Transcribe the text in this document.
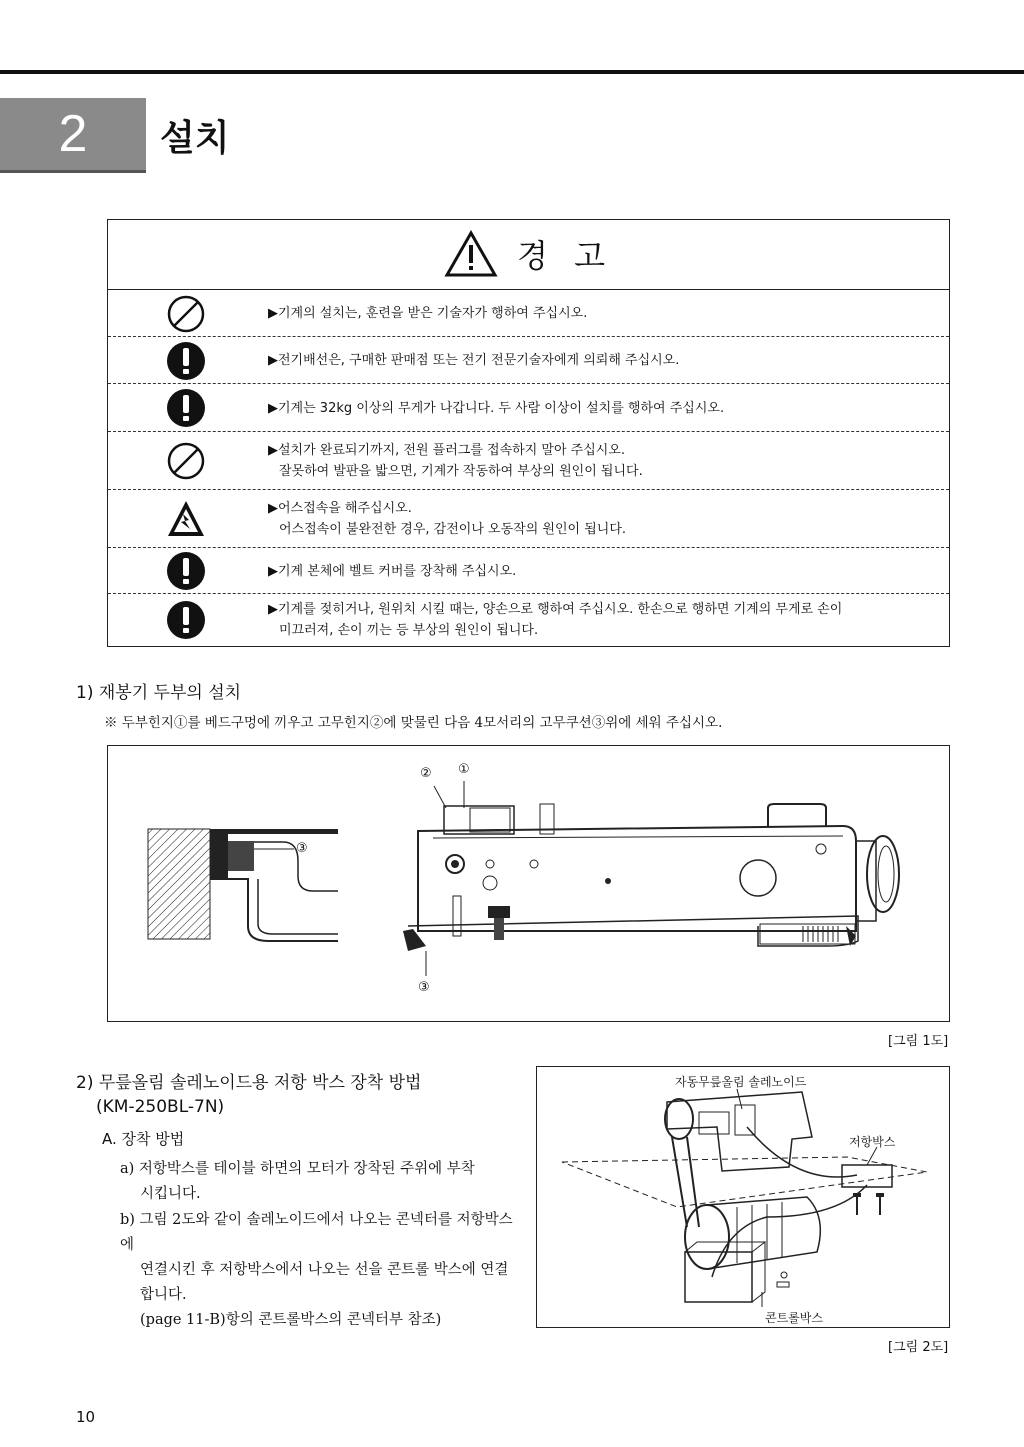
2	설치
경 고

▶기계의 설치는, 훈련을 받은 기술자가 행하여 주십시오.

▶전기배선은, 구매한 판매점 또는 전기 전문기술자에게 의뢰해 주십시오.

▶기계는 32kg 이상의 무게가 나갑니다. 두 사람 이상이 설치를 행하여 주십시오.

▶설치가 완료되기까지, 전원 플러그를 접속하지 말아 주십시오.

잘못하여 발판을 밟으면, 기계가 작동하여 부상의 원인이 됩니다.

▶어스접속을 해주십시오.

어스접속이 불완전한 경우, 감전이나 오동작의 원인이 됩니다.

▶기계 본체에 벨트 커버를 장착해 주십시오.

▶기계를 젖히거나, 원위치 시킬 때는, 양손으로 행하여 주십시오. 한손으로 행하면 기계의 무게로 손이

미끄러져, 손이 끼는 등 부상의 원인이 됩니다.

1) 재봉기 두부의 설치
※ 두부힌지①를 베드구멍에 끼우고 고무힌지②에 맞물린 다음 4모서리의 고무쿠션③위에 세워 주십시오.
② ①
③
③
[그림 1도]
2) 무릎올림 솔레노이드용 저항 박스 장착 방법
(KM-250BL-7N)
A. 장착 방법
a) 저항박스를 테이블 하면의 모터가 장착된 주위에 부착
시킵니다.
b) 그림 2도와 같이 솔레노이드에서 나오는 콘넥터를 저항박스에
연결시킨 후 저항박스에서 나오는 선을 콘트롤 박스에 연결
합니다.
(page 11-B)항의 콘트롤박스의 콘넥터부 참조)
자동무릎올림 솔레노이드
저항박스
콘트롤박스
[그림 2도]
10
